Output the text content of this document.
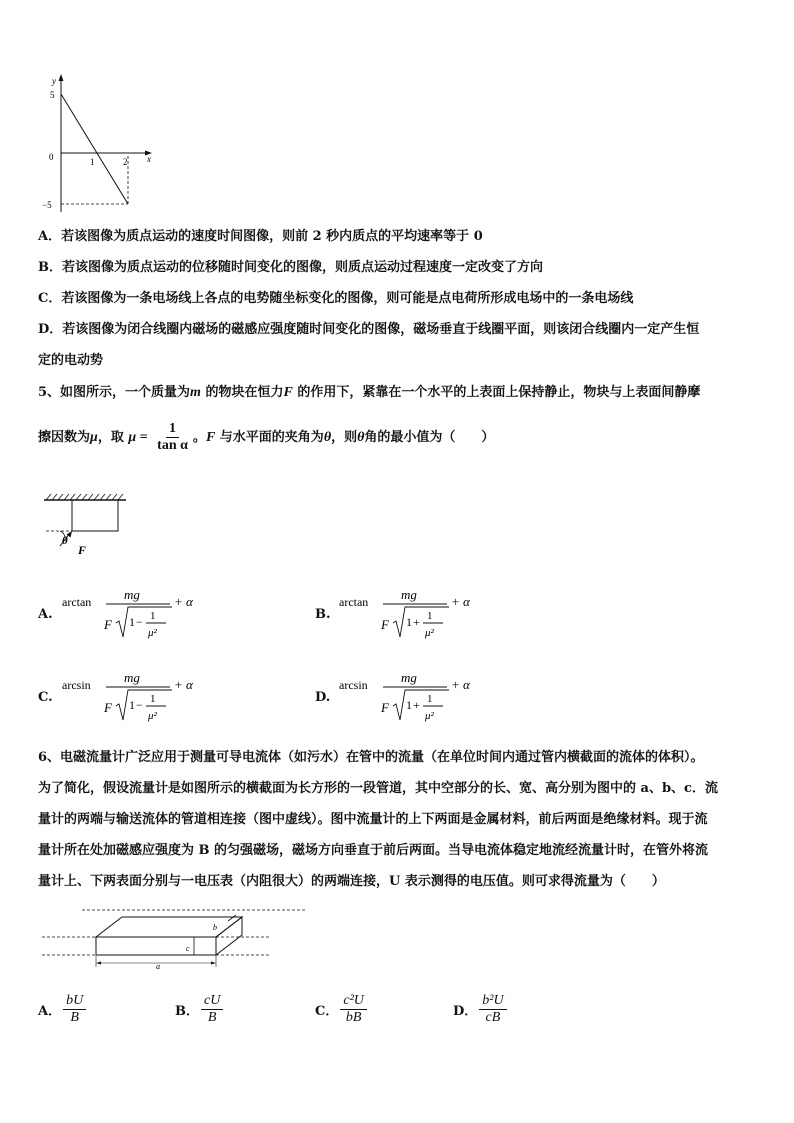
y
x
5
0	1	2
−5
A．若该图像为质点运动的速度时间图像，则前 2 秒内质点的平均速率等于 0
B．若该图像为质点运动的位移随时间变化的图像，则质点运动过程速度一定改变了方向
C．若该图像为一条电场线上各点的电势随坐标变化的图像，则可能是点电荷所形成电场中的一条电场线
D．若该图像为闭合线圈内磁场的磁感应强度随时间变化的图像，磁场垂直于线圈平面，则该闭合线圈内一定产生恒
定的电动势
5、如图所示，一个质量为m 的物块在恒力F 的作用下，紧靠在一个水平的上表面上保持静止，物块与上表面间静摩
擦因数为μ，取 $\mu = \frac{1}{\text{tan α}}$ 。F 与水平面的夹角为θ，则θ角的最小值为（　　）
θ
F
A.
arctan	mg
F 1 − 1
μ²
+ α
B.
arctan	mg
F 1 + 1
μ²
+ α
C.
arcsin	mg
F 1 − 1
μ²
+ α
D.
arcsin	mg
F 1 + 1
μ²
+ α
6、电磁流量计广泛应用于测量可导电流体（如污水）在管中的流量（在单位时间内通过管内横截面的流体的体积）。
为了简化，假设流量计是如图所示的横截面为长方形的一段管道，其中空部分的长、宽、高分别为图中的 a、b、c．流
量计的两端与输送流体的管道相连接（图中虚线）。图中流量计的上下两面是金属材料，前后两面是绝缘材料。现于流
量计所在处加磁感应强度为 B 的匀强磁场，磁场方向垂直于前后两面。当导电流体稳定地流经流量计时，在管外将流
量计上、下两表面分别与一电压表（内阻很大）的两端连接，U 表示测得的电压值。则可求得流量为（　　）
a
b
c
A． $\frac{bU}{B}$	B． $\frac{cU}{B}$	C． $\frac{\text{c²U}}{bB}$	D． $\frac{\text{b²U}}{cB}$
